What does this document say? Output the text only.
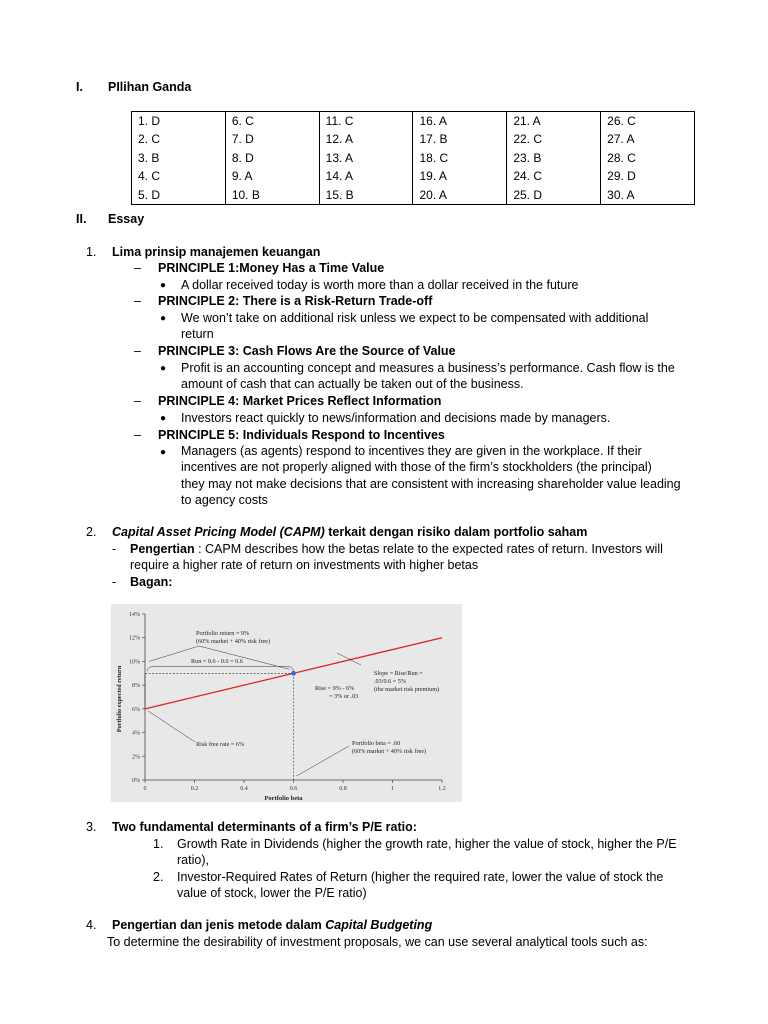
I. PIlihan Ganda
1. D	6. C	11. C	16. A	21. A	26. C
2. C	7. D	12. A	17. B	22. C	27. A
3. B	8. D	13. A	18. C	23. B	28. C
4. C	9. A	14. A	19. A	24. C	29. D
5. D	10. B	15. B	20. A	25. D	30. A
II. Essay
1. Lima prinsip manajemen keuangan
– PRINCIPLE 1:Money Has a Time Value
● A dollar received today is worth more than a dollar received in the future
– PRINCIPLE 2: There is a Risk-Return Trade-off
● We won’t take on additional risk unless we expect to be compensated with additional
return
– PRINCIPLE 3: Cash Flows Are the Source of Value
● Profit is an accounting concept and measures a business’s performance. Cash flow is the
amount of cash that can actually be taken out of the business.
– PRINCIPLE 4: Market Prices Reflect Information
● Investors react quickly to news/information and decisions made by managers.
– PRINCIPLE 5: Individuals Respond to Incentives
● Managers (as agents) respond to incentives they are given in the workplace. If their
incentives are not properly aligned with those of the firm’s stockholders (the principal)
they may not make decisions that are consistent with increasing shareholder value leading
to agency costs
2. Capital Asset Pricing Model (CAPM) terkait dengan risiko dalam portfolio saham
- Pengertian : CAPM describes how the betas relate to the expected rates of return. Investors will
require a higher rate of return on investments with higher betas
- Bagan:
0%
2%
4%
6%
8%
10%
12%
14%
0	0.2	0.4	0.6	0.8	1	1.2
Portfolio beta
Portfolio expected return
Portfolio return = 9%
(60% market + 40% risk free)
Run = 0.6 - 0.0 = 0.6
Rise = 9% - 6%
= 3% or .03
Slope = Rise/Run =
.03/0.6 = 5%
(the market risk premium)
Risk free rate = 6%	Portfolio beta = .60
(60% market + 40% risk free)
3. Two fundamental determinants of a firm’s P/E ratio:
1. Growth Rate in Dividends (higher the growth rate, higher the value of stock, higher the P/E
ratio),
2. Investor-Required Rates of Return (higher the required rate, lower the value of stock the
value of stock, lower the P/E ratio)
4. Pengertian dan jenis metode dalam Capital Budgeting
To determine the desirability of investment proposals, we can use several analytical tools such as:
